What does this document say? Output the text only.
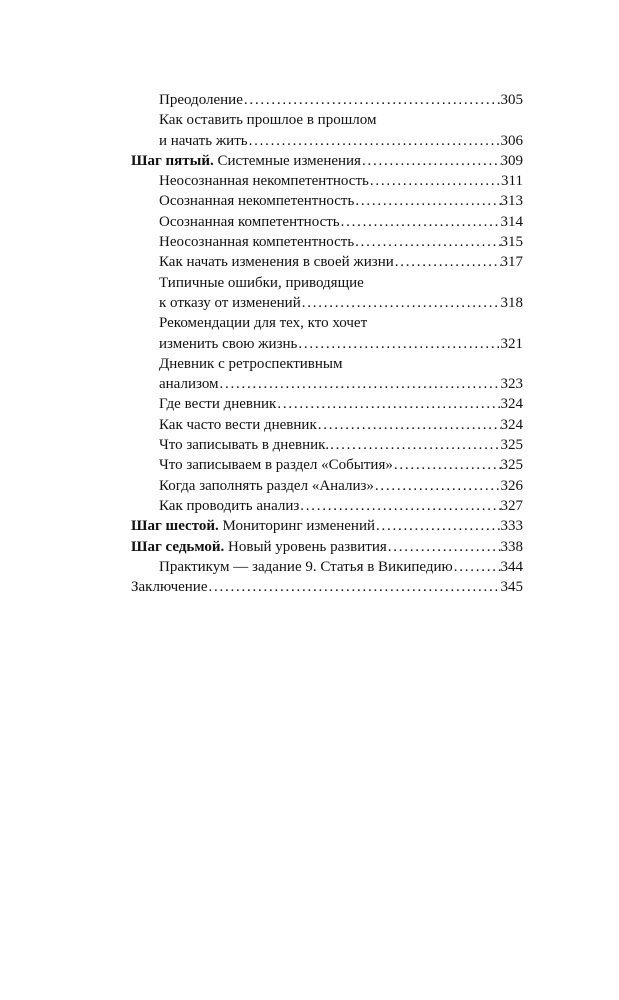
Преодоление . . .	305
Как оставить прошлое в прошлом
и начать жить . . .	306
Шаг пятый. Системные изменения . . .	309
Неосознанная некомпетентность . . .	311
Осознанная некомпетентность . . .	313
Осознанная компетентность . . .	314
Неосознанная компетентность . . .	315
Как начать изменения в своей жизни . . .	317
Типичные ошибки, приводящие
к отказу от изменений . . .	318
Рекомендации для тех, кто хочет
изменить свою жизнь . . .	321
Дневник с ретроспективным
анализом . . .	323
Где вести дневник . . .	324
Как часто вести дневник . . .	324
Что записывать в дневник. . . .	325
Что записываем в раздел «События» . . .	325
Когда заполнять раздел «Анализ» . . .	326
Как проводить анализ . . .	327
Шаг шестой. Мониторинг изменений . . .	333
Шаг седьмой. Новый уровень развития . . .	338
Практикум — задание 9. Статья в Википедию . . .	344
Заключение . . .	345
